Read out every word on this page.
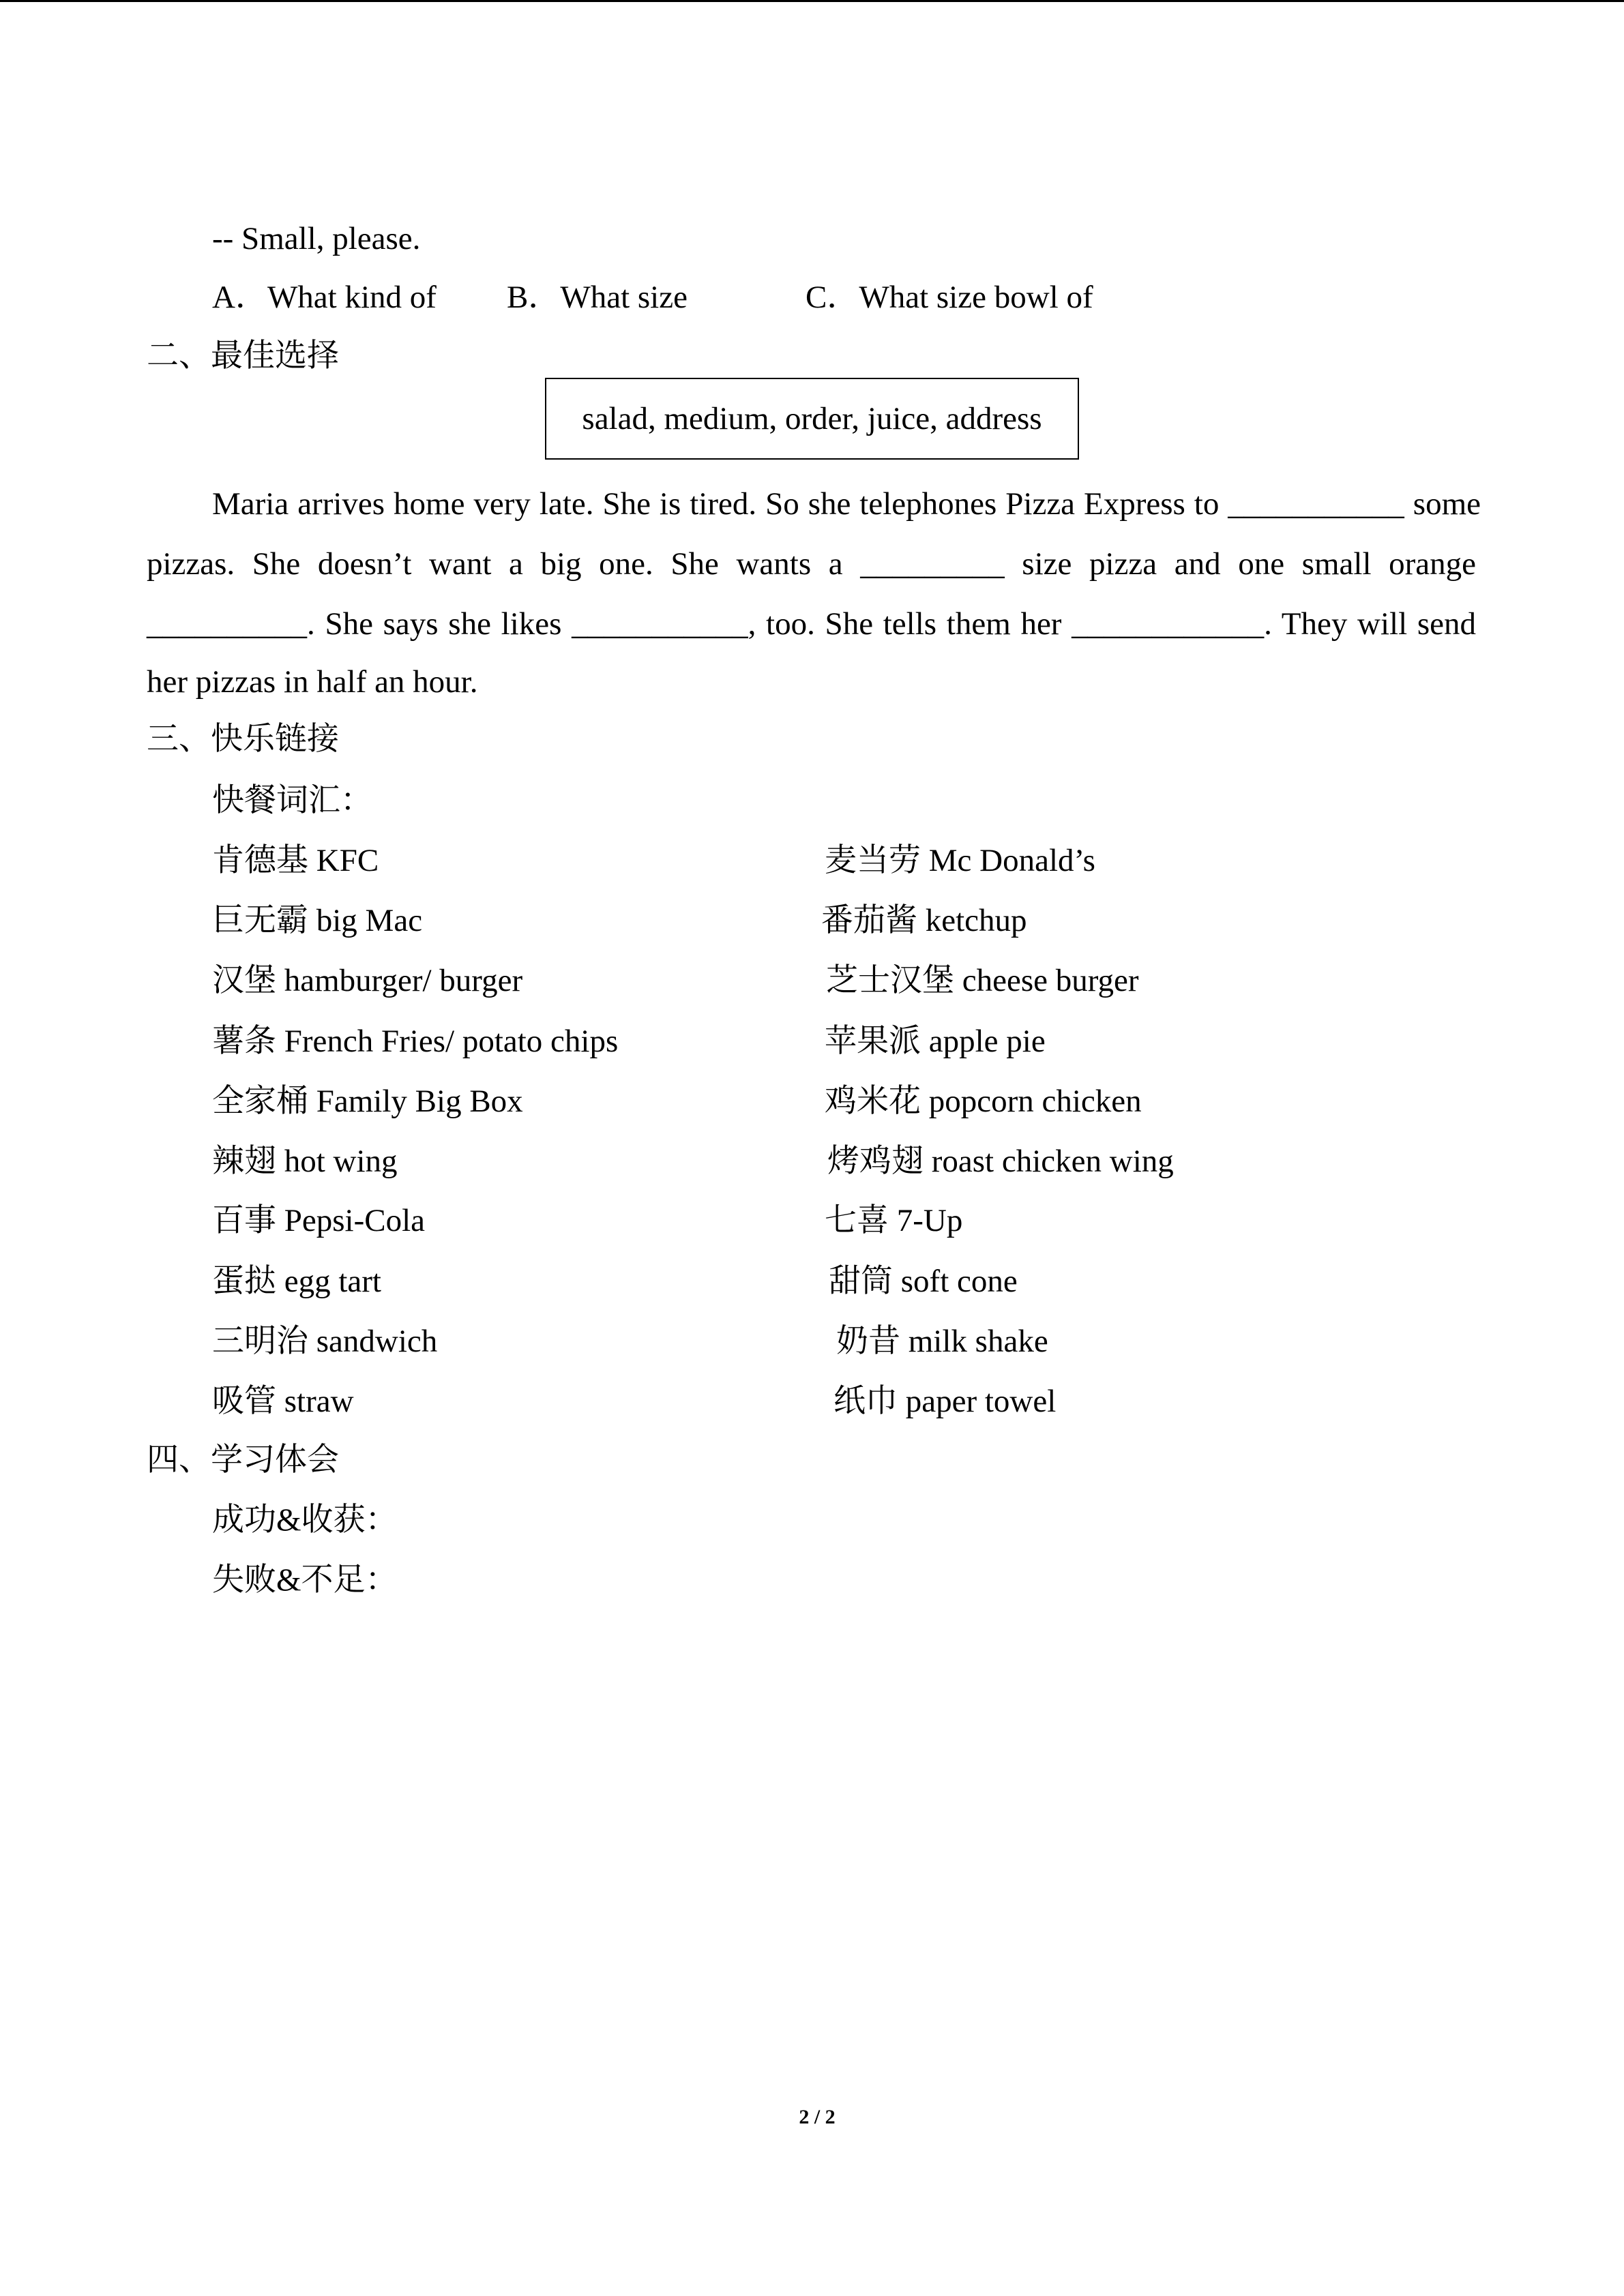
-- Small, please.
A．What kind of B．What size	C．What size bowl of
二、最佳选择
salad, medium, order, juice, address
Maria arrives home very late. She is tired. So she telephones Pizza Express to ___________ some
pizzas. She doesn’t want a big one. She wants a _________ size pizza and one small orange
__________. She says she likes ___________, too. She tells them her ____________. They will send
her pizzas in half an hour.
三、快乐链接
快餐词汇：
肯德基 KFC	麦当劳 Mc Donald’s
巨无霸 big Mac	番茄酱 ketchup
汉堡 hamburger/ burger	芝士汉堡 cheese burger
薯条 French Fries/ potato chips	苹果派 apple pie
全家桶 Family Big Box	鸡米花 popcorn chicken
辣翅 hot wing	烤鸡翅 roast chicken wing
百事 Pepsi-Cola	七喜 7-Up
蛋挞 egg tart	甜筒 soft cone
三明治 sandwich	奶昔 milk shake
吸管 straw	纸巾 paper towel
四、学习体会
成功&收获：
失败&不足：
2 / 2
